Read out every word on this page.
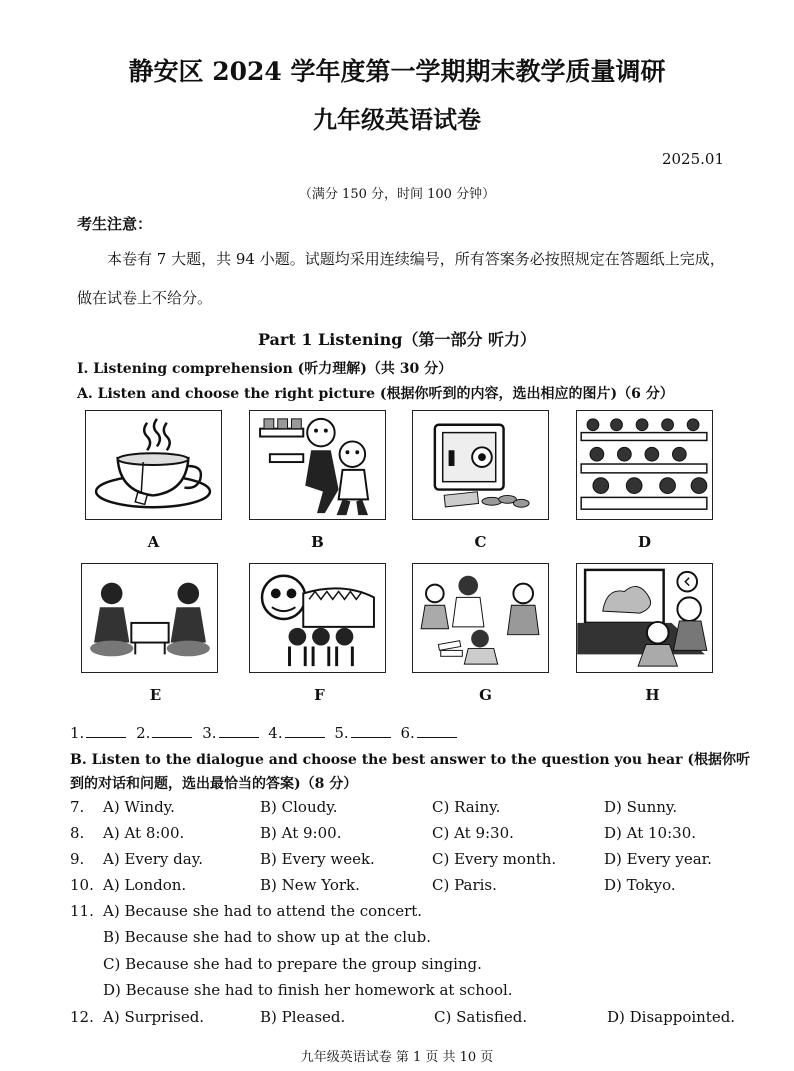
静安区 2024 学年度第一学期期末教学质量调研
九年级英语试卷
2025.01
（满分 150 分，时间 100 分钟）
考生注意：
本卷有 7 大题，共 94 小题。试题均采用连续编号，所有答案务必按照规定在答题纸上完成，做在试卷上不给分。
Part 1 Listening（第一部分 听力）
I. Listening comprehension (听力理解)（共 30 分）
A. Listen and choose the right picture (根据你听到的内容，选出相应的图片)（6 分）
A	B	C	D
E	F	G	H
1.	2.	3.	4.	5.	6.
B. Listen to the dialogue and choose the best answer to the question you hear (根据你听到的对话和问题，选出最恰当的答案)（8 分）
7. A) Windy.	B) Cloudy.	C) Rainy.	D) Sunny.
8. A) At 8:00.	B) At 9:00.	C) At 9:30.	D) At 10:30.
9. A) Every day.	B) Every week.	C) Every month.	D) Every year.
10. A) London.	B) New York.	C) Paris.	D) Tokyo.
11. A) Because she had to attend the concert.
B) Because she had to show up at the club.
C) Because she had to prepare the group singing.
D) Because she had to finish her homework at school.
12. A) Surprised.	B) Pleased.	C) Satisfied.	D) Disappointed.
九年级英语试卷 第 1 页 共 10 页
